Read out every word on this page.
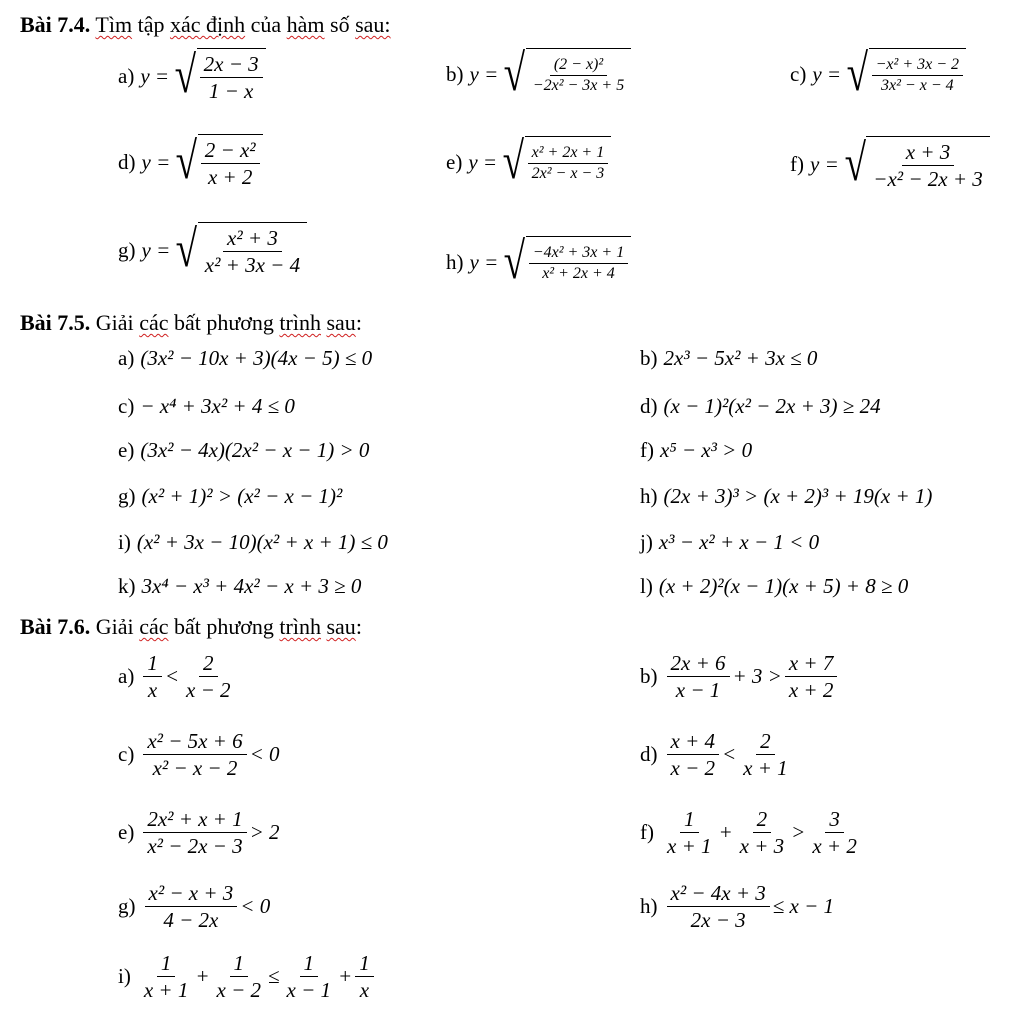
Bài 7.4. Tìm tập xác định của hàm số sau:
a) y = √ $\frac{2x - 3}{1 - x}$	b) y = √ $\frac{\text{(2 − x)²}}{\text{−2x² − 3x + 5}}$	c) y = √ $\frac{\text{−x² + 3x − 2}}{\text{3x² − x − 4}}$
d) y = √ $\frac{\text{2 − x²}}{x + 2}$	e) y = √ $\frac{\text{x² + 2x + 1}}{\text{2x² − x − 3}}$	f) y = √ $\frac{x + 3}{\text{−x² − 2x + 3}}$
g) y = √ $\frac{\text{x² + 3}}{\text{x² + 3x − 4}}$	h) y = √ $\frac{\text{−4x² + 3x + 1}}{\text{x² + 2x + 4}}$
Bài 7.5. Giải các bất phương trình sau:
a) (3x² − 10x + 3)(4x − 5) ≤ 0	b) 2x³ − 5x² + 3x ≤ 0
c) − x⁴ + 3x² + 4 ≤ 0	d) (x − 1)²(x² − 2x + 3) ≥ 24
e) (3x² − 4x)(2x² − x − 1) > 0	f) x⁵ − x³ > 0
g) (x² + 1)² > (x² − x − 1)²	h) (2x + 3)³ > (x + 2)³ + 19(x + 1)
i) (x² + 3x − 10)(x² + x + 1) ≤ 0	j) x³ − x² + x − 1 < 0
k) 3x⁴ − x³ + 4x² − x + 3 ≥ 0	l) (x + 2)²(x − 1)(x + 5) + 8 ≥ 0
Bài 7.6. Giải các bất phương trình sau:
$a) \frac{1}{x} < \frac{2}{x - 2}$	$b) \frac{2x + 6}{x - 1} + 3 > \frac{x + 7}{x + 2}$
$c) \frac{\text{x² − 5x + 6}}{\text{x² − x − 2}} < 0$	$d) \frac{x + 4}{x - 2} < \frac{2}{x + 1}$
$e) \frac{\text{2x² + x + 1}}{\text{x² − 2x − 3}} > 2$	$f) \frac{1}{x + 1} + \frac{2}{x + 3} > \frac{3}{x + 2}$
$g) \frac{\text{x² − x + 3}}{4 - 2x} < 0$	$h) \frac{\text{x² − 4x + 3}}{2x - 3} \le x - 1$
$i) \frac{1}{x + 1} + \frac{1}{x - 2} \le \frac{1}{x - 1} + \frac{1}{x}$
